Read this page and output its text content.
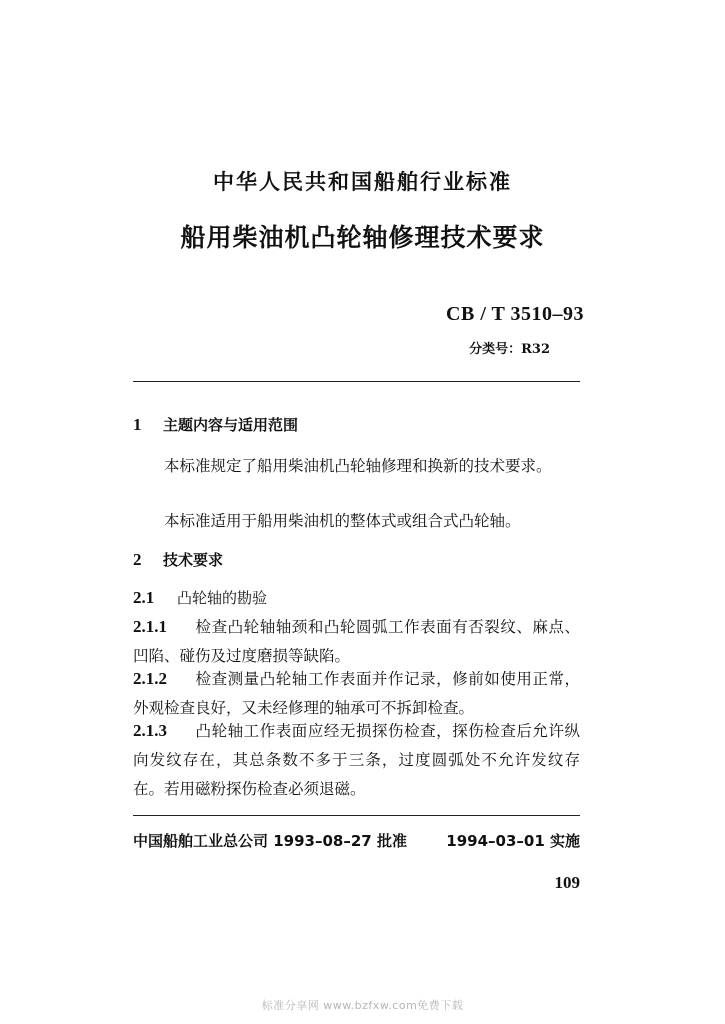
中华人民共和国船舶行业标准
船用柴油机凸轮轴修理技术要求
CB / T 3510–93
分类号：R32
1 主题内容与适用范围
本标准规定了船用柴油机凸轮轴修理和换新的技术要求。
本标准适用于船用柴油机的整体式或组合式凸轮轴。
2 技术要求
2.1 凸轮轴的勘验
2.1.1 检查凸轮轴轴颈和凸轮圆弧工作表面有否裂纹、麻点、凹陷、碰伤及过度磨损等缺陷。
2.1.2 检查测量凸轮轴工作表面并作记录，修前如使用正常，外观检查良好，又未经修理的轴承可不拆卸检查。
2.1.3 凸轮轴工作表面应经无损探伤检查，探伤检查后允许纵向发纹存在，其总条数不多于三条，过度圆弧处不允许发纹存在。若用磁粉探伤检查必须退磁。
中国船舶工业总公司 1993–08–27 批准	1994–03–01 实施
109
标准分享网 www.bzfxw.com免费下载
